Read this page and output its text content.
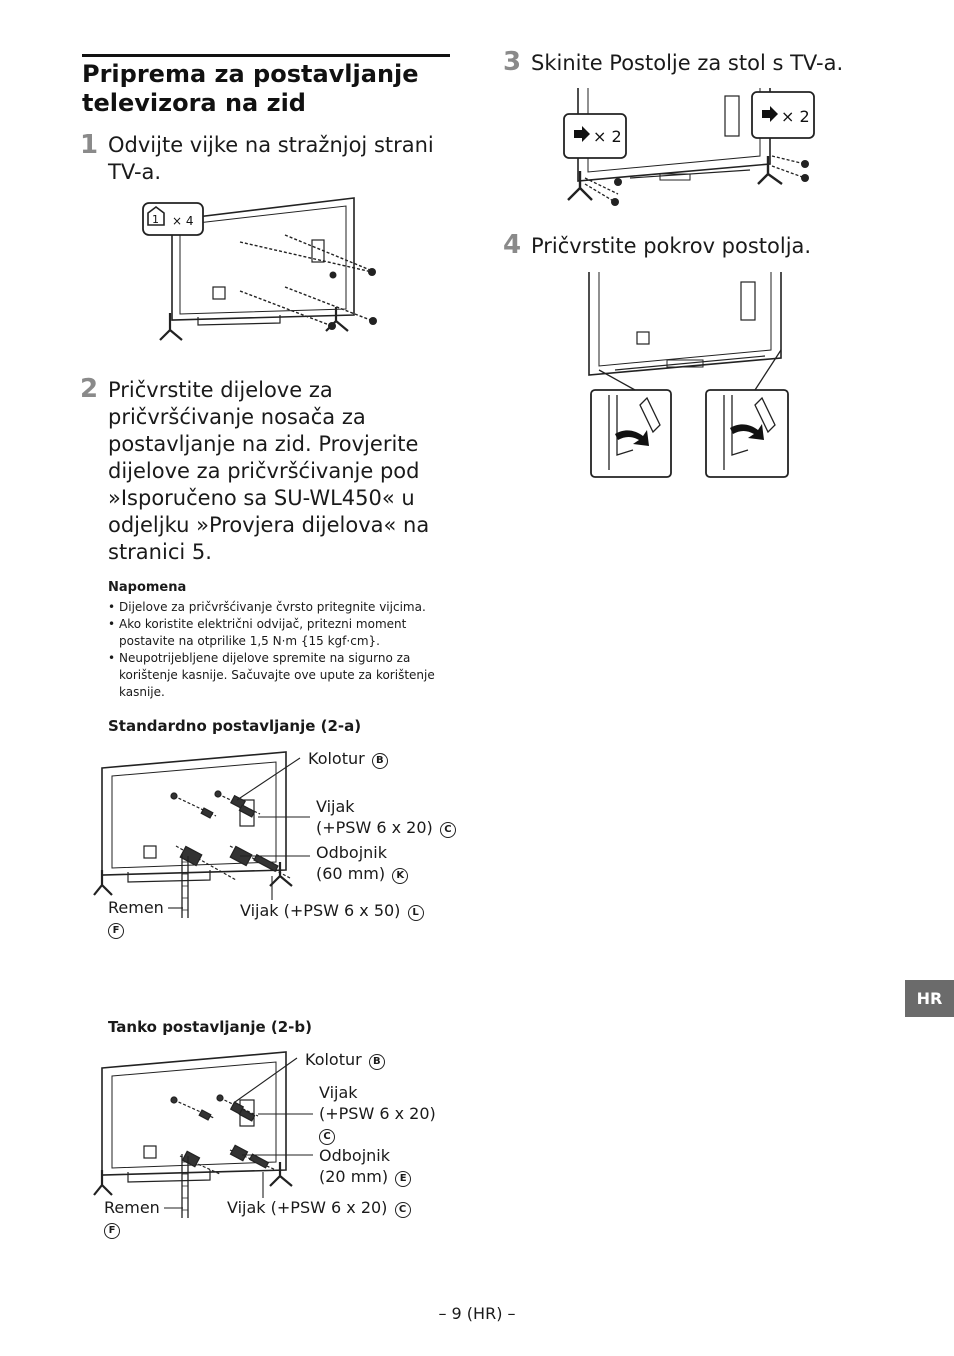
Priprema za postavljanje televizora na zid
1 Odvijte vijke na stražnjoj strani TV-a.
1 × 4
2 Pričvrstite dijelove za pričvršćivanje nosača za postavljanje na zid. Provjerite dijelove za pričvršćivanje pod »Isporučeno sa SU-WL450« u odjeljku »Provjera dijelova« na stranici 5.
Napomena
• Dijelove za pričvršćivanje čvrsto pritegnite vijcima.
• Ako koristite električni odvijač, pritezni moment postavite na otprilike 1,5 N·m {15 kgf·cm}.
• Neupotrijebljene dijelove spremite na sigurno za korištenje kasnije. Sačuvajte ove upute za korištenje kasnije.
Standardno postavljanje (2-a)
Kolotur B
Vijak
(+PSW 6 x 20) C
Odbojnik
(60 mm) K
Remen
F
Vijak (+PSW 6 x 50) L
Tanko postavljanje (2-b)
Kolotur B
Vijak
(+PSW 6 x 20)
C
Odbojnik
(20 mm) E
Remen
F
Vijak (+PSW 6 x 20) C
3 Skinite Postolje za stol s TV-a.
× 2
× 2
4 Pričvrstite pokrov postolja.
HR
– 9 (HR) –
